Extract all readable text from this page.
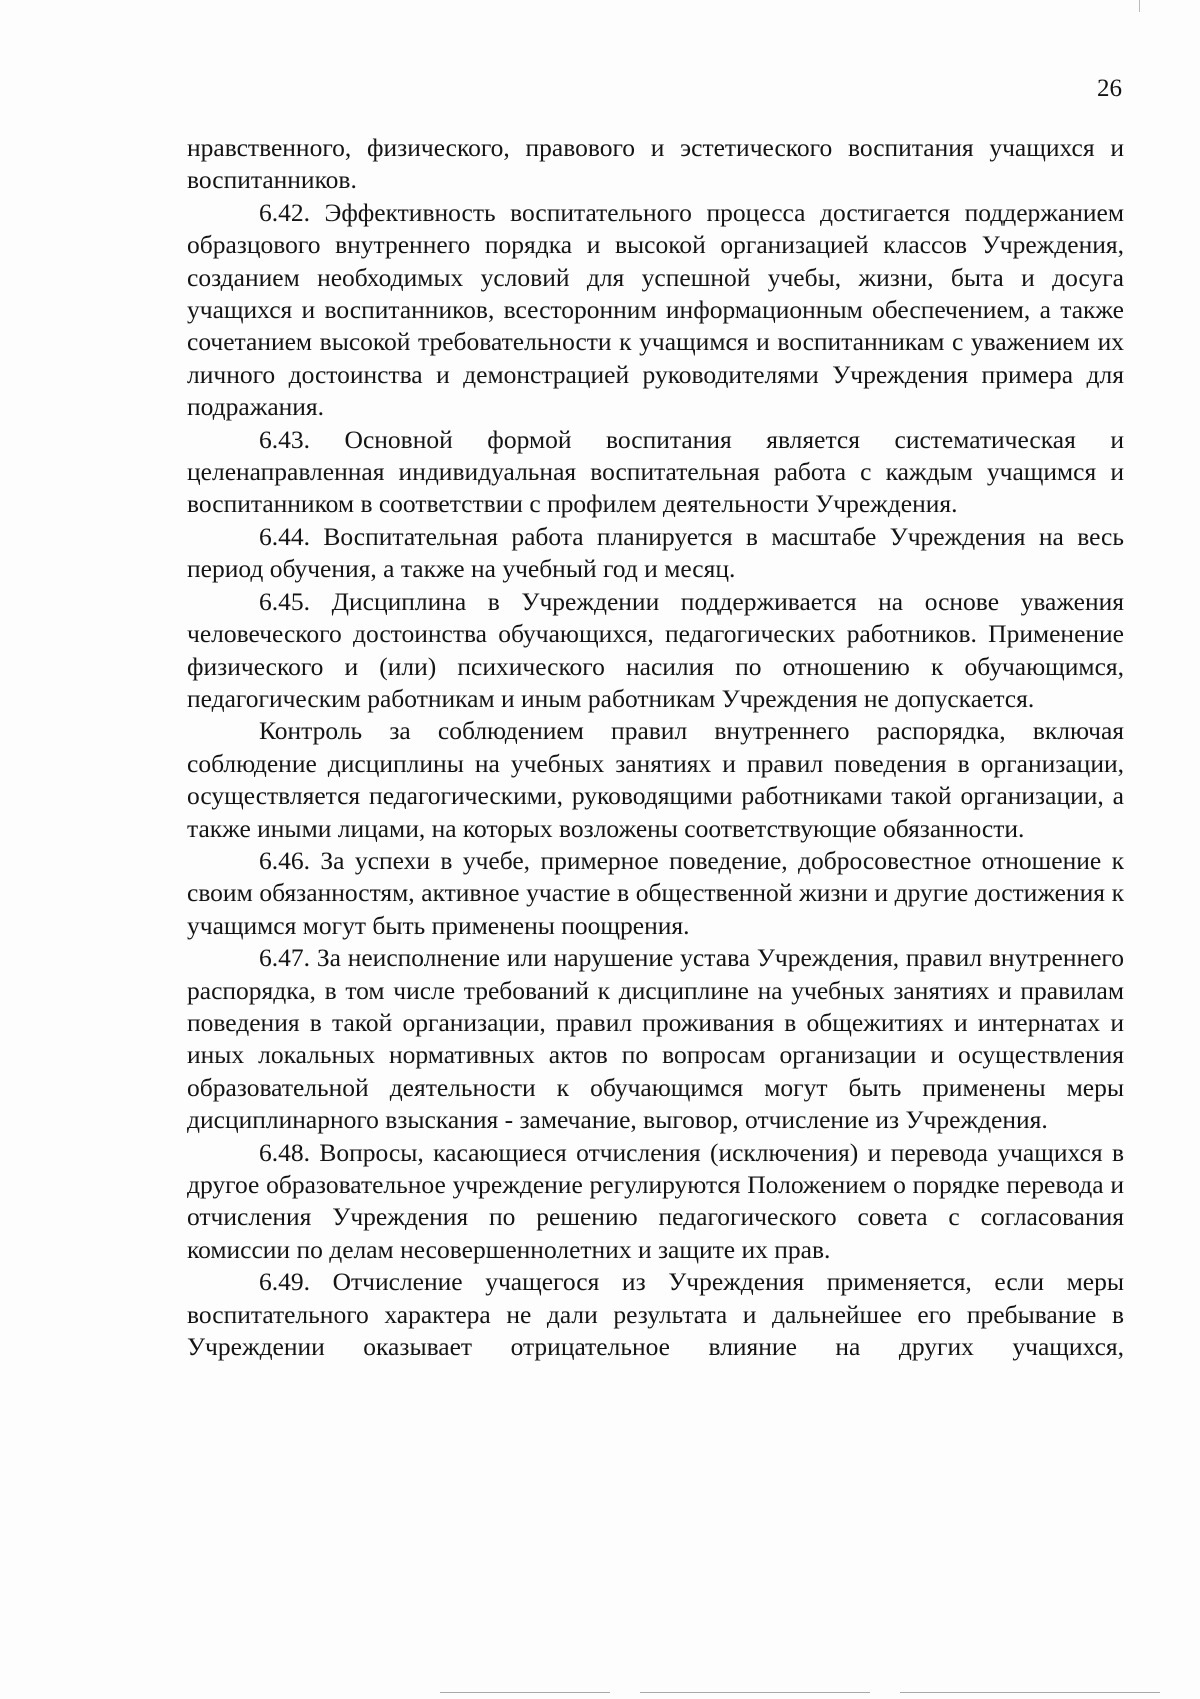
26

нравственного, физического, правового и эстетического воспитания учащихся и воспитанников.

6.42. Эффективность воспитательного процесса достигается поддержанием образцового внутреннего порядка и высокой организацией классов Учреждения, созданием необходимых условий для успешной учебы, жизни, быта и досуга учащихся и воспитанников, всесторонним информационным обеспечением, а также сочетанием высокой требовательности к учащимся и воспитанникам с уважением их личного достоинства и демонстрацией руководителями Учреждения примера для подражания.

6.43. Основной формой воспитания является систематическая и целенаправленная индивидуальная воспитательная работа с каждым учащимся и воспитанником в соответствии с профилем деятельности Учреждения.

6.44. Воспитательная работа планируется в масштабе Учреждения на весь период обучения, а также на учебный год и месяц.

6.45. Дисциплина в Учреждении поддерживается на основе уважения человеческого достоинства обучающихся, педагогических работников. Применение физического и (или) психического насилия по отношению к обучающимся, педагогическим работникам и иным работникам Учреждения не допускается.

Контроль за соблюдением правил внутреннего распорядка, включая соблюдение дисциплины на учебных занятиях и правил поведения в организации, осуществляется педагогическими, руководящими работниками такой организации, а также иными лицами, на которых возложены соответствующие обязанности.

6.46. За успехи в учебе, примерное поведение, добросовестное отношение к своим обязанностям, активное участие в общественной жизни и другие достижения к учащимся могут быть применены поощрения.

6.47. За неисполнение или нарушение устава Учреждения, правил внутреннего распорядка, в том числе требований к дисциплине на учебных занятиях и правилам поведения в такой организации, правил проживания в общежитиях и интернатах и иных локальных нормативных актов по вопросам организации и осуществления образовательной деятельности к обучающимся могут быть применены меры дисциплинарного взыскания - замечание, выговор, отчисление из Учреждения.

6.48. Вопросы, касающиеся отчисления (исключения) и перевода учащихся в другое образовательное учреждение регулируются Положением о порядке перевода и отчисления Учреждения по решению педагогического совета с согласования комиссии по делам несовершеннолетних и защите их прав.

6.49. Отчисление учащегося из Учреждения применяется, если меры воспитательного характера не дали результата и дальнейшее его пребывание в Учреждении оказывает отрицательное влияние на других учащихся,
